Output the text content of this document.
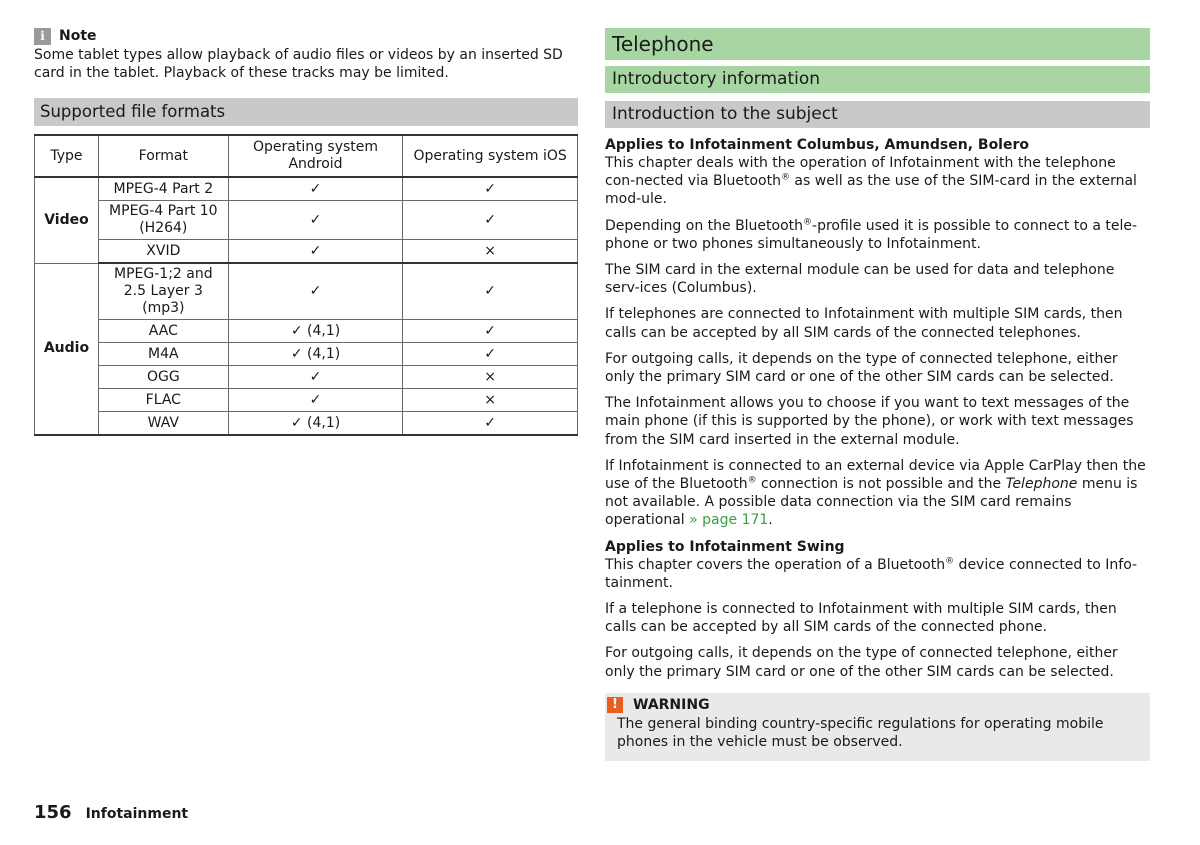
i	Note
Some tablet types allow playback of audio files or videos by an inserted SD card in the tablet. Playback of these tracks may be limited.
Supported file formats
Type	Format	Operating system Android	Operating system iOS
Video	MPEG-4 Part 2	✓	✓
	MPEG-4 Part 10 (H264)	✓	✓
	XVID	✓	×
Audio	MPEG-1;2 and 2.5 Layer 3 (mp3)	✓	✓
	AAC	✓ (4,1)	✓
	M4A	✓ (4,1)	✓
	OGG	✓	×
	FLAC	✓	×
	WAV	✓ (4,1)	✓
Telephone
Introductory information
Introduction to the subject
Applies to Infotainment Columbus, Amundsen, Bolero

This chapter deals with the operation of Infotainment with the telephone con-nected via Bluetooth® as well as the use of the SIM-card in the external mod-ule.

Depending on the Bluetooth®-profile used it is possible to connect to a tele-phone or two phones simultaneously to Infotainment.

The SIM card in the external module can be used for data and telephone serv-ices (Columbus).

If telephones are connected to Infotainment with multiple SIM cards, then calls can be accepted by all SIM cards of the connected telephones.

For outgoing calls, it depends on the type of connected telephone, either only the primary SIM card or one of the other SIM cards can be selected.

The Infotainment allows you to choose if you want to text messages of the main phone (if this is supported by the phone), or work with text messages from the SIM card inserted in the external module.

If Infotainment is connected to an external device via Apple CarPlay then the use of the Bluetooth® connection is not possible and the Telephone menu is not available. A possible data connection via the SIM card remains operational » page 171.

Applies to Infotainment Swing

This chapter covers the operation of a Bluetooth® device connected to Info-tainment.

If a telephone is connected to Infotainment with multiple SIM cards, then calls can be accepted by all SIM cards of the connected phone.

For outgoing calls, it depends on the type of connected telephone, either only the primary SIM card or one of the other SIM cards can be selected.

!	WARNING
The general binding country-specific regulations for operating mobile phones in the vehicle must be observed.
156 Infotainment
